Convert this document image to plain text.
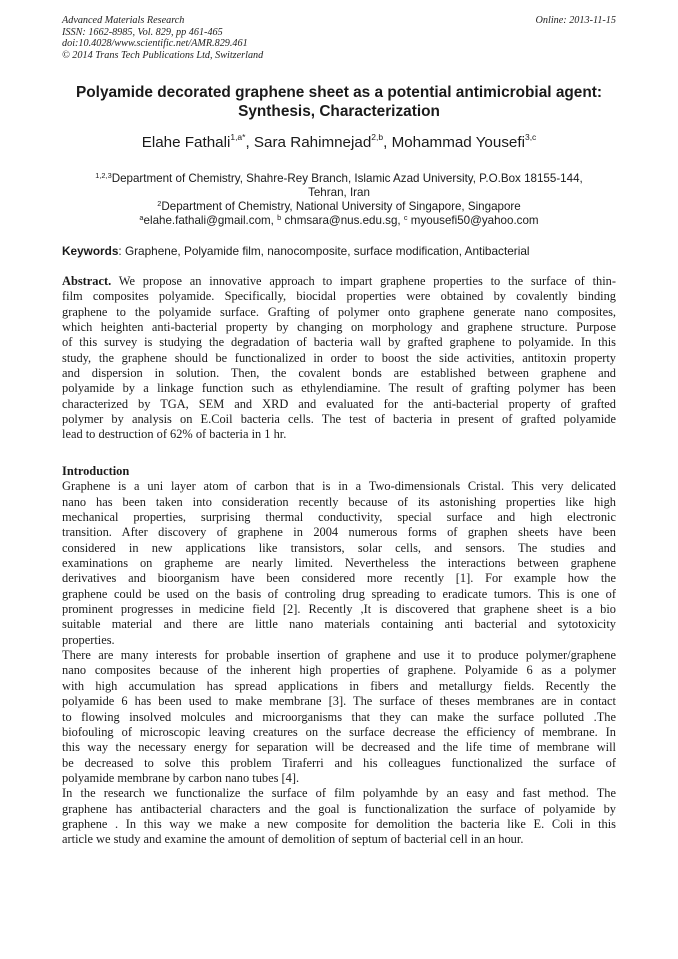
Advanced Materials Research
ISSN: 1662-8985, Vol. 829, pp 461-465
doi:10.4028/www.scientific.net/AMR.829.461
© 2014 Trans Tech Publications Ltd, Switzerland
Online: 2013-11-15
Polyamide decorated graphene sheet as a potential antimicrobial agent:
Synthesis, Characterization
Elahe Fathali$^{1,a*}$, Sara Rahimnejad$^{2,b}$, Mohammad Yousefi$^{3,c}$
$^{1,2,3}$Department of Chemistry, Shahre-Rey Branch, Islamic Azad University, P.O.Box 18155-144,
Tehran, Iran
$^2$Department of Chemistry, National University of Singapore, Singapore
$^a$elahe.fathali@gmail.com, $^b$ chmsara@nus.edu.sg, $^c$ myousefi50@yahoo.com
Keywords: Graphene, Polyamide film, nanocomposite, surface modification, Antibacterial
Abstract. We propose an innovative approach to impart graphene properties to the surface of thin-
film composites polyamide. Specifically, biocidal properties were obtained by covalently binding
graphene to the polyamide surface. Grafting of polymer onto graphene generate nano composites,
which heighten anti-bacterial property by changing on morphology and graphene structure. Purpose
of this survey is studying the degradation of bacteria wall by grafted graphene to polyamide. In this
study, the graphene should be functionalized in order to boost the side activities, antitoxin property
and dispersion in solution. Then, the covalent bonds are established between graphene and
polyamide by a linkage function such as ethylendiamine. The result of grafting polymer has been
characterized by TGA, SEM and XRD and evaluated for the anti-bacterial property of grafted
polymer by analysis on E.Coil bacteria cells. The test of bacteria in present of grafted polyamide
lead to destruction of 62% of bacteria in 1 hr.
Introduction
Graphene is a uni layer atom of carbon that is in a Two-dimensionals Cristal. This very delicated
nano has been taken into consideration recently because of its astonishing properties like high
mechanical properties, surprising thermal conductivity, special surface and high electronic
transition. After discovery of graphene in 2004 numerous forms of graphen sheets have been
considered in new applications like transistors, solar cells, and sensors. The studies and
examinations on grapheme are nearly limited. Nevertheless the interactions between graphene
derivatives and bioorganism have been considered more recently [1]. For example how the
graphene could be used on the basis of controling drug spreading to eradicate tumors. This is one of
prominent progresses in medicine field [2]. Recently ,It is discovered that graphene sheet is a bio
suitable material and there are little nano materials containing anti bacterial and sytotoxicity
properties.
There are many interests for probable insertion of graphene and use it to produce polymer/graphene
nano composites because of the inherent high properties of graphene. Polyamide 6 as a polymer
with high accumulation has spread applications in fibers and metallurgy fields. Recently the
polyamide 6 has been used to make membrane [3]. The surface of theses membranes are in contact
to flowing insolved molcules and microorganisms that they can make the surface polluted .The
biofouling of microscopic leaving creatures on the surface decrease the efficiency of membrane. In
this way the necessary energy for separation will be decreased and the life time of membrane will
be decreased to solve this problem Tiraferri and his colleagues functionalized the surface of
polyamide membrane by carbon nano tubes [4].
In the research we functionalize the surface of film polyamhde by an easy and fast method. The
graphene has antibacterial characters and the goal is functionalization the surface of polyamide by
graphene . In this way we make a new composite for demolition the bacteria like E. Coli in this
article we study and examine the amount of demolition of septum of bacterial cell in an hour.
